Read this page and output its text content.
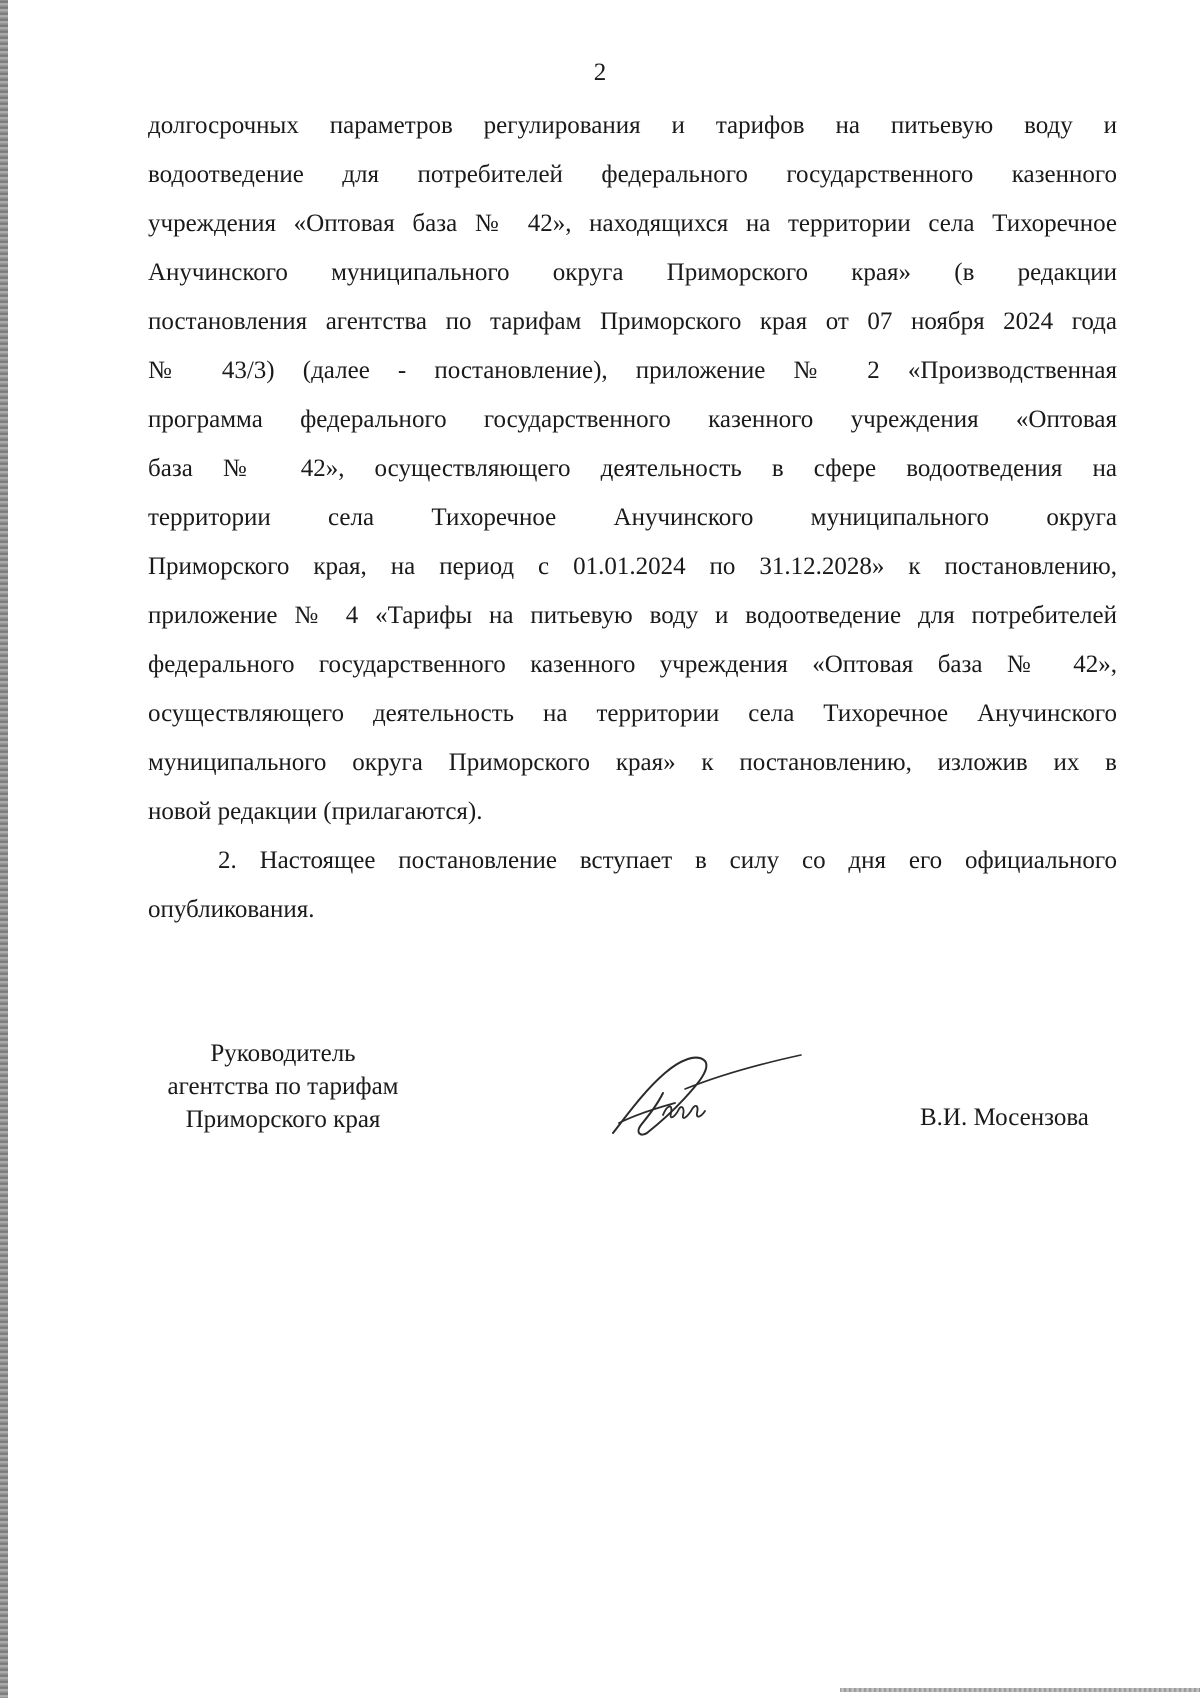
2
долгосрочных параметров регулирования и тарифов на питьевую воду и
водоотведение для потребителей федерального государственного казенного
учреждения «Оптовая база № 42», находящихся на территории села Тихоречное
Анучинского муниципального округа Приморского края» (в редакции
постановления агентства по тарифам Приморского края от 07 ноября 2024 года
№ 43/3) (далее - постановление), приложение № 2 «Производственная
программа федерального государственного казенного учреждения «Оптовая
база № 42», осуществляющего деятельность в сфере водоотведения на
территории села Тихоречное Анучинского муниципального округа
Приморского края, на период с 01.01.2024 по 31.12.2028» к постановлению,
приложение № 4 «Тарифы на питьевую воду и водоотведение для потребителей
федерального государственного казенного учреждения «Оптовая база № 42»,
осуществляющего деятельность на территории села Тихоречное Анучинского
муниципального округа Приморского края» к постановлению, изложив их в
новой редакции (прилагаются).
2. Настоящее постановление вступает в силу со дня его официального
опубликования.
Руководитель
агентства по тарифам
Приморского края	В.И. Мосензова
